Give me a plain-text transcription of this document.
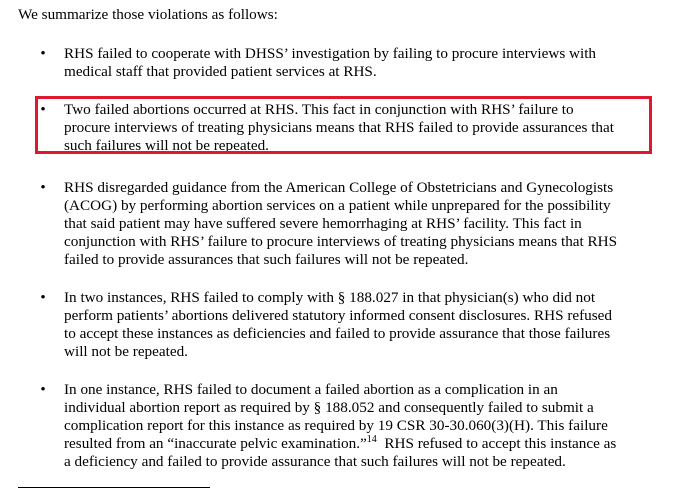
We summarize those violations as follows:
• RHS failed to cooperate with DHSS’ investigation by failing to procure interviews with
medical staff that provided patient services at RHS.
• Two failed abortions occurred at RHS. This fact in conjunction with RHS’ failure to
procure interviews of treating physicians means that RHS failed to provide assurances that
such failures will not be repeated.
• RHS disregarded guidance from the American College of Obstetricians and Gynecologists
(ACOG) by performing abortion services on a patient while unprepared for the possibility
that said patient may have suffered severe hemorrhaging at RHS’ facility. This fact in
conjunction with RHS’ failure to procure interviews of treating physicians means that RHS
failed to provide assurances that such failures will not be repeated.
• In two instances, RHS failed to comply with § 188.027 in that physician(s) who did not
perform patients’ abortions delivered statutory informed consent disclosures. RHS refused
to accept these instances as deficiencies and failed to provide assurance that those failures
will not be repeated.
• In one instance, RHS failed to document a failed abortion as a complication in an
individual abortion report as required by § 188.052 and consequently failed to submit a
complication report for this instance as required by 19 CSR 30-30.060(3)(H). This failure
resulted from an “inaccurate pelvic examination.”$^{14}$  RHS refused to accept this instance as
a deficiency and failed to provide assurance that such failures will not be repeated.
